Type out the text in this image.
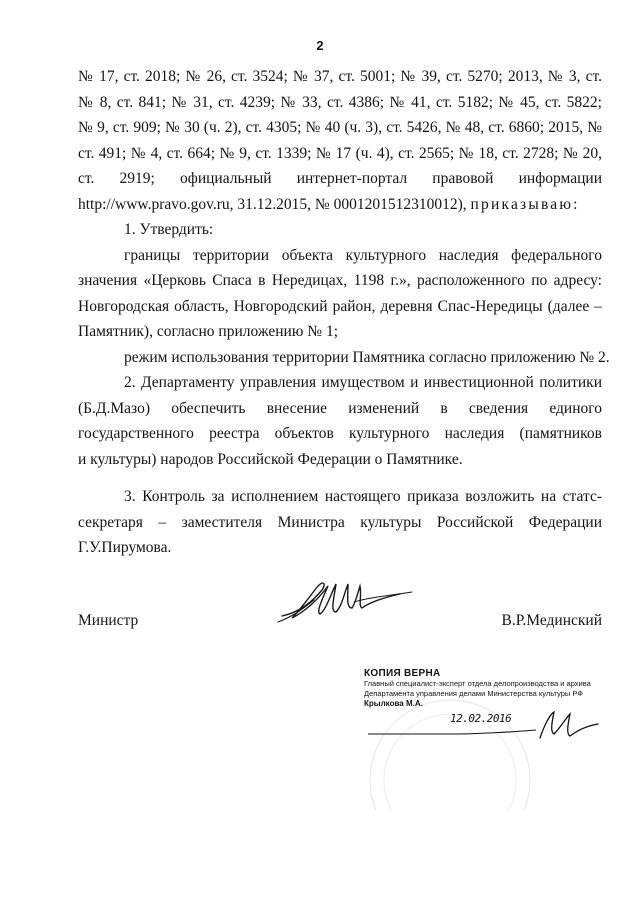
2
№ 17, ст. 2018; № 26, ст. 3524; № 37, ст. 5001; № 39, ст. 5270; 2013, № 3, ст.
№ 8, ст. 841; № 31, ст. 4239; № 33, ст. 4386; № 41, ст. 5182; № 45, ст. 5822;
№ 9, ст. 909; № 30 (ч. 2), ст. 4305; № 40 (ч. 3), ст. 5426, № 48, ст. 6860; 2015, №
ст. 491; № 4, ст. 664; № 9, ст. 1339; № 17 (ч. 4), ст. 2565; № 18, ст. 2728; № 20,
ст. 2919; официальный интернет-портал правовой информации
http://www.pravo.gov.ru, 31.12.2015, № 0001201512310012), приказываю:
1. Утвердить:
границы территории объекта культурного наследия федерального
значения «Церковь Спаса в Нередицах, 1198 г.», расположенного по адресу:
Новгородская область, Новгородский район, деревня Спас-Нередицы (далее –
Памятник), согласно приложению № 1;
режим использования территории Памятника согласно приложению № 2.
2. Департаменту управления имуществом и инвестиционной политики
(Б.Д.Мазо) обеспечить внесение изменений в сведения единого
государственного реестра объектов культурного наследия (памятников
и культуры) народов Российской Федерации о Памятнике.
3. Контроль за исполнением настоящего приказа возложить на статс-
секретаря – заместителя Министра культуры Российской Федерации
Г.У.Пирумова.
Министр	В.Р.Мединский
КОПИЯ ВЕРНА
Главный специалист-эксперт отдела делопроизводства и архива
Департамента управления делами Министерства культуры РФ
Крылкова М.А.
12.02.2016
